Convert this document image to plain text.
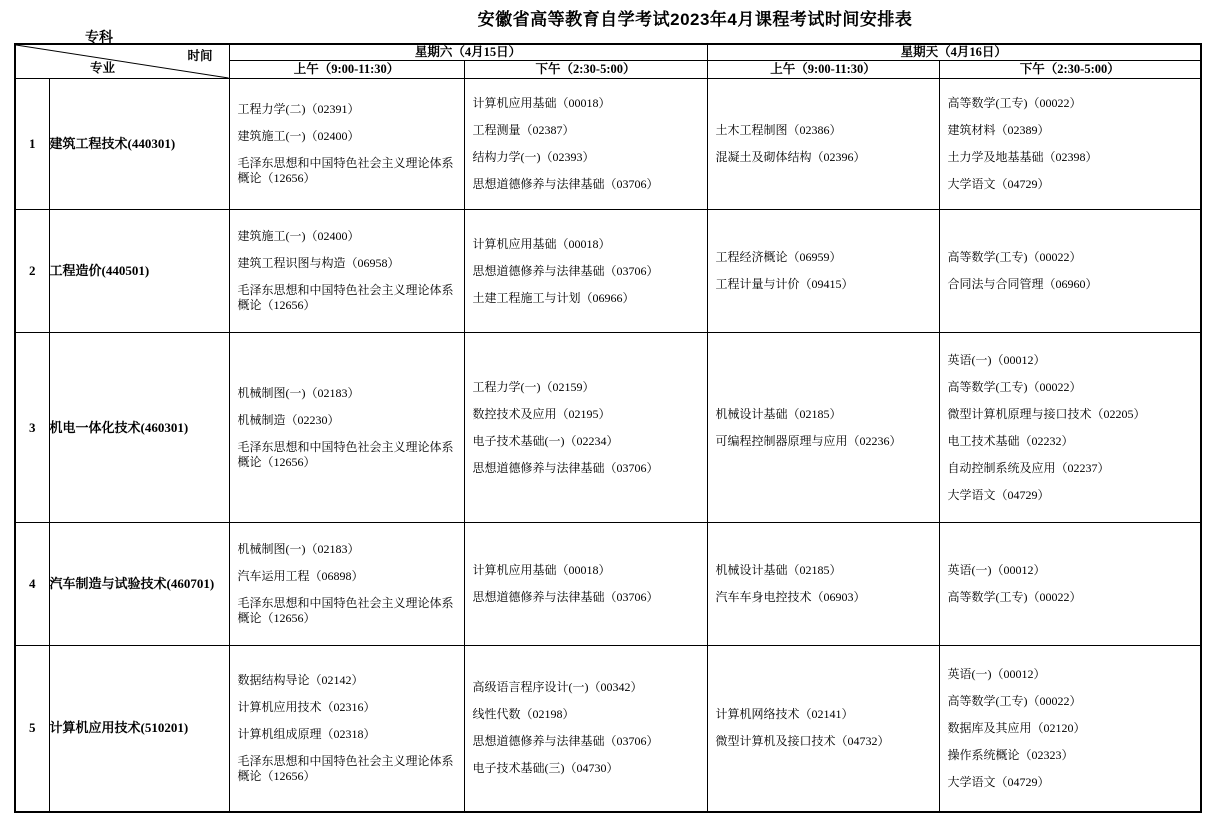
安徽省高等教育自学考试2023年4月课程考试时间安排表
专科
专业
时间		星期六（4月15日）		星期天（4月16日）	
		上午（9:00-11:30）	下午（2:30-5:00）	上午（9:00-11:30）	下午（2:30-5:00）
1	建筑工程技术(440301)	
工程力学(二)（02391）
建筑施工(一)（02400）
毛泽东思想和中国特色社会主义理论体系概论（12656）

计算机应用基础（00018）
工程测量（02387）
结构力学(一)（02393）
思想道德修养与法律基础（03706）

土木工程制图（02386）
混凝土及砌体结构（02396）

高等数学(工专)（00022）
建筑材料（02389）
土力学及地基基础（02398）
大学语文（04729）

2	工程造价(440501)	
建筑施工(一)（02400）
建筑工程识图与构造（06958）
毛泽东思想和中国特色社会主义理论体系概论（12656）

计算机应用基础（00018）
思想道德修养与法律基础（03706）
土建工程施工与计划（06966）

工程经济概论（06959）
工程计量与计价（09415）

高等数学(工专)（00022）
合同法与合同管理（06960）

3	机电一体化技术(460301)	
机械制图(一)（02183）
机械制造（02230）
毛泽东思想和中国特色社会主义理论体系概论（12656）

工程力学(一)（02159）
数控技术及应用（02195）
电子技术基础(一)（02234）
思想道德修养与法律基础（03706）

机械设计基础（02185）
可编程控制器原理与应用（02236）

英语(一)（00012）
高等数学(工专)（00022）
微型计算机原理与接口技术（02205）
电工技术基础（02232）
自动控制系统及应用（02237）
大学语文（04729）

4	汽车制造与试验技术(460701)	
机械制图(一)（02183）
汽车运用工程（06898）
毛泽东思想和中国特色社会主义理论体系概论（12656）

计算机应用基础（00018）
思想道德修养与法律基础（03706）

机械设计基础（02185）
汽车车身电控技术（06903）

英语(一)（00012）
高等数学(工专)（00022）

5	计算机应用技术(510201)	
数据结构导论（02142）
计算机应用技术（02316）
计算机组成原理（02318）
毛泽东思想和中国特色社会主义理论体系概论（12656）

高级语言程序设计(一)（00342）
线性代数（02198）
思想道德修养与法律基础（03706）
电子技术基础(三)（04730）

计算机网络技术（02141）
微型计算机及接口技术（04732）

英语(一)（00012）
高等数学(工专)（00022）
数据库及其应用（02120）
操作系统概论（02323）
大学语文（04729）
